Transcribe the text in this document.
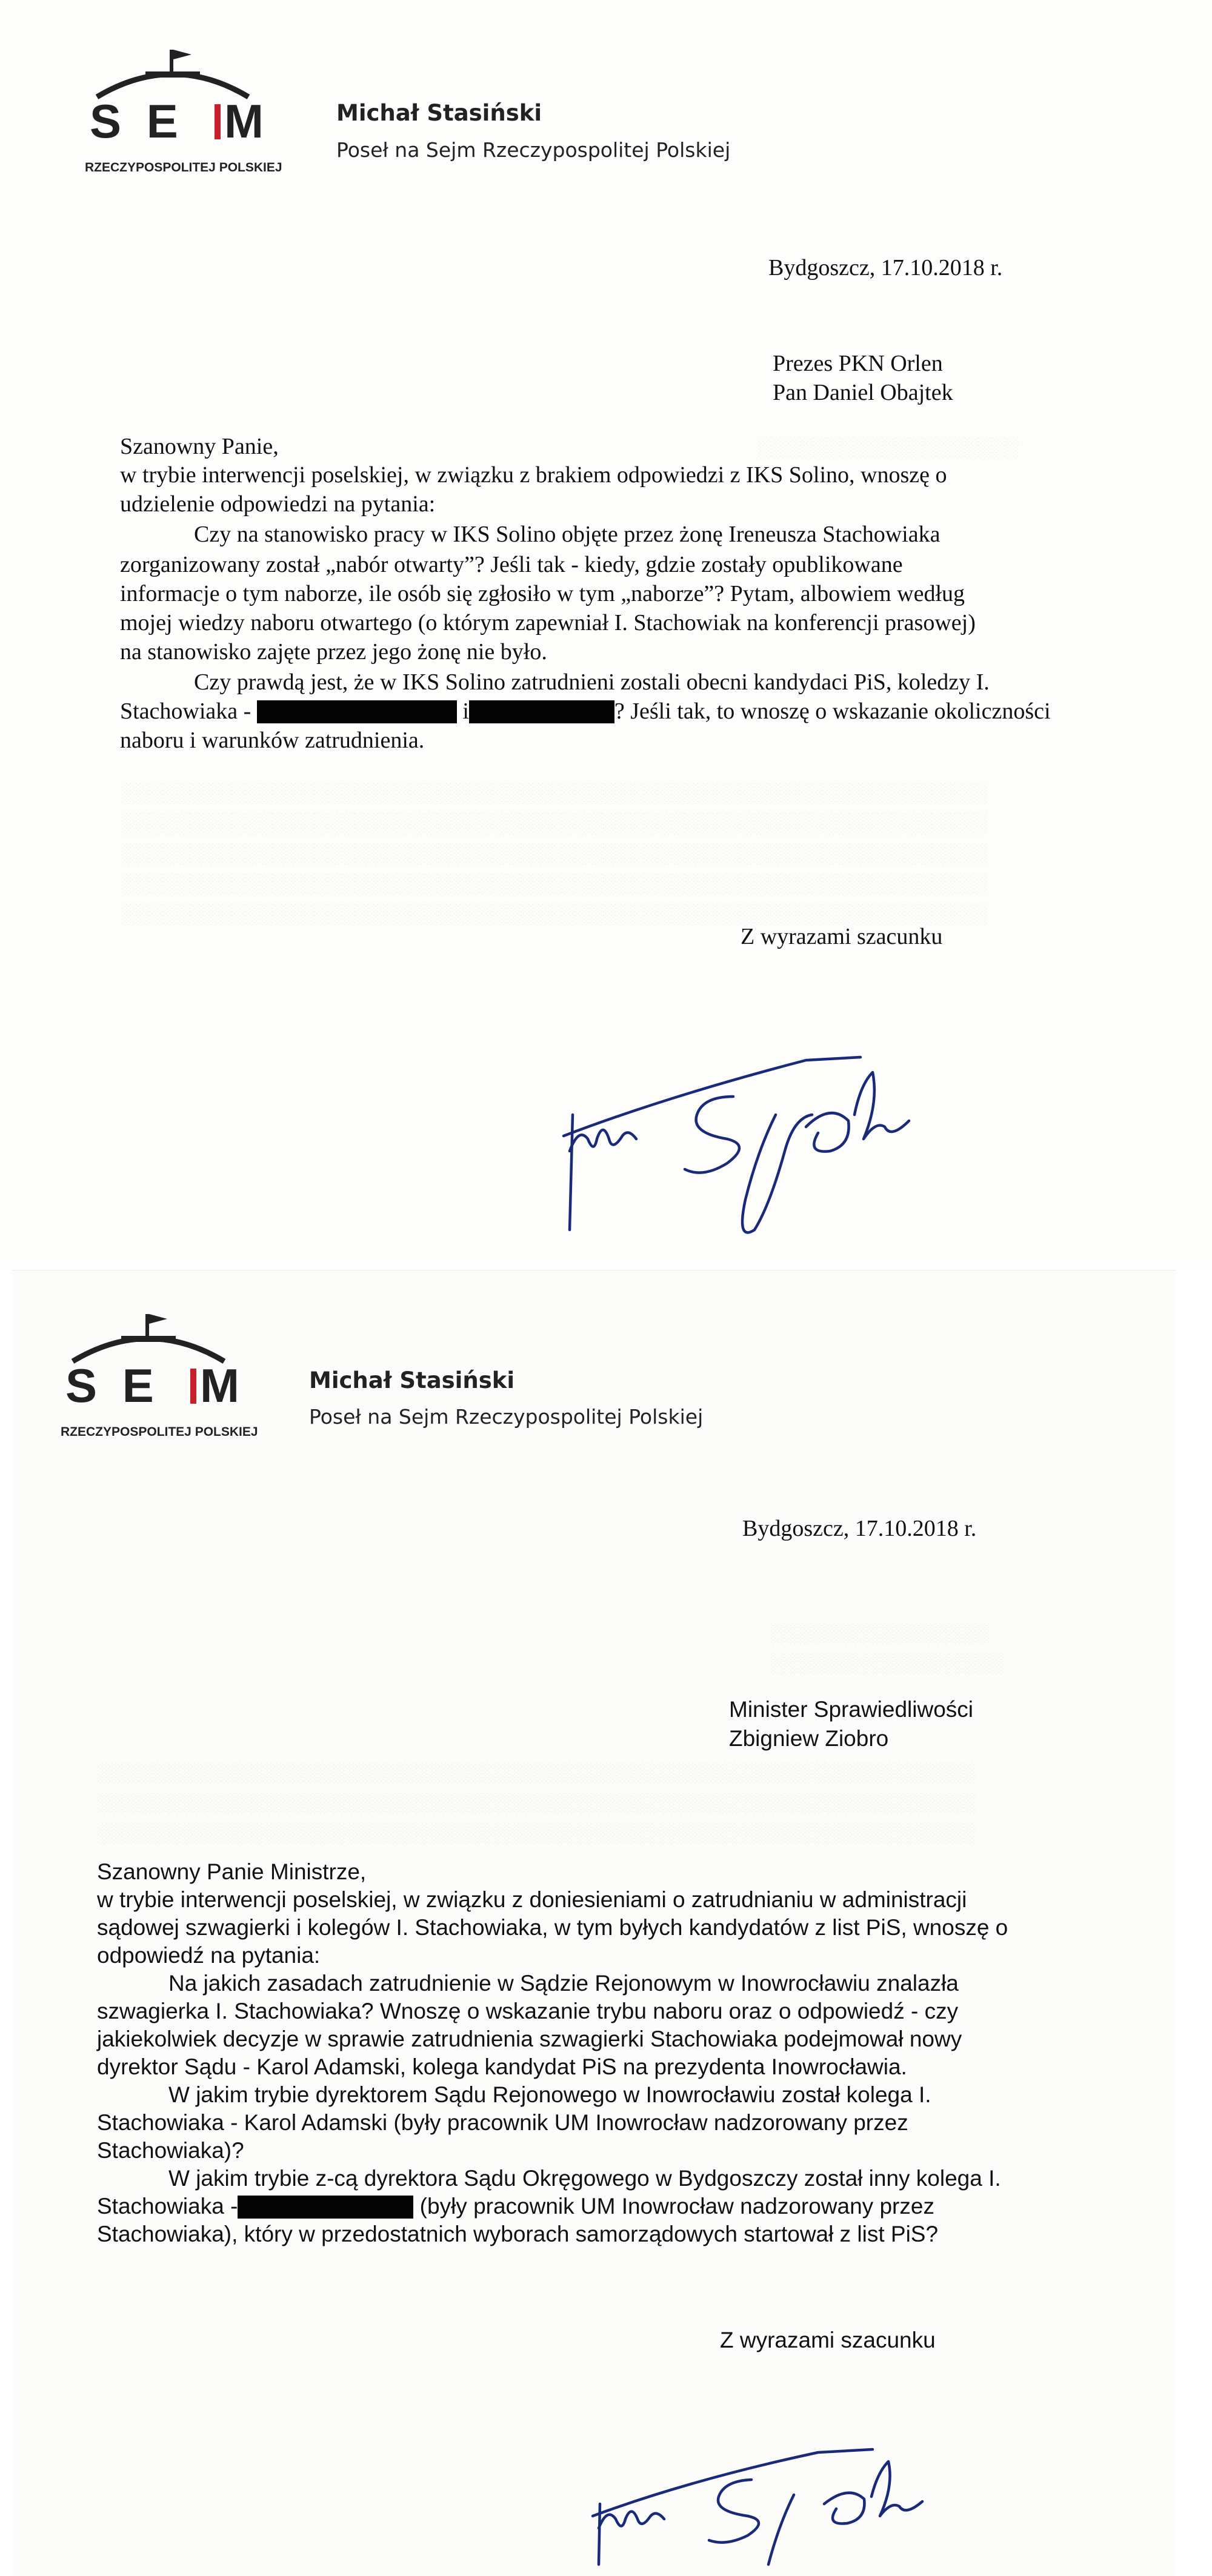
S E M
RZECZYPOSPOLITEJ POLSKIEJ
Michał Stasiński
Poseł na Sejm Rzeczypospolitej Polskiej
Bydgoszcz, 17.10.2018 r.
Prezes PKN Orlen
Pan Daniel Obajtek
Szanowny Panie,
w trybie interwencji poselskiej, w związku z brakiem odpowiedzi z IKS Solino, wnoszę o
udzielenie odpowiedzi na pytania:
Czy na stanowisko pracy w IKS Solino objęte przez żonę Ireneusza Stachowiaka
zorganizowany został „nabór otwarty”? Jeśli tak - kiedy, gdzie zostały opublikowane
informacje o tym naborze, ile osób się zgłosiło w tym „naborze”? Pytam, albowiem według
mojej wiedzy naboru otwartego (o którym zapewniał I. Stachowiak na konferencji prasowej)
na stanowisko zajęte przez jego żonę nie było.
Czy prawdą jest, że w IKS Solino zatrudnieni zostali obecni kandydaci PiS, koledzy I.
Stachowiaka -	i	? Jeśli tak, to wnoszę o wskazanie okoliczności
naboru i warunków zatrudnienia.
░░░░░░░░░░░░░░░░░░░
░░░░░░░░░░░░░░░░░░░░░░░░░░░░░░░░░░░░░░░░░░░░░░░░░░░░░░░░░░░░░░░
░░░░░░░░░░░░░░░░░░░░░░░░░░░░░░░░░░░░░░░░░░░░░░░░░░░░░░░░░░░░░░░
░░░░░░░░░░░░░░░░░░░░░░░░░░░░░░░░░░░░░░░░░░░░░░░░░░░░░░░░░░░░░░░
░░░░░░░░░░░░░░░░░░░░░░░░░░░░░░░░░░░░░░░░░░░░░░░░░░░░░░░░░░░░░░░
░░░░░░░░░░░░░░░░░░░░░░░░░░░░░░░░░░░░░░░░░░░░░░░░░░░░░░░░░░░░░░░
Z wyrazami szacunku
S E M
RZECZYPOSPOLITEJ POLSKIEJ
Michał Stasiński
Poseł na Sejm Rzeczypospolitej Polskiej
Bydgoszcz, 17.10.2018 r.
Minister Sprawiedliwości
Zbigniew Ziobro
Szanowny Panie Ministrze,
w trybie interwencji poselskiej, w związku z doniesieniami o zatrudnianiu w administracji
sądowej szwagierki i kolegów I. Stachowiaka, w tym byłych kandydatów z list PiS, wnoszę o
odpowiedź na pytania:
Na jakich zasadach zatrudnienie w Sądzie Rejonowym w Inowrocławiu znalazła
szwagierka I. Stachowiaka? Wnoszę o wskazanie trybu naboru oraz o odpowiedź - czy
jakiekolwiek decyzje w sprawie zatrudnienia szwagierki Stachowiaka podejmował nowy
dyrektor Sądu - Karol Adamski, kolega kandydat PiS na prezydenta Inowrocławia.
W jakim trybie dyrektorem Sądu Rejonowego w Inowrocławiu został kolega I.
Stachowiaka - Karol Adamski (były pracownik UM Inowrocław nadzorowany przez
Stachowiaka)?
W jakim trybie z-cą dyrektora Sądu Okręgowego w Bydgoszczy został inny kolega I.
Stachowiaka -	(były pracownik UM Inowrocław nadzorowany przez
Stachowiaka), który w przedostatnich wyborach samorządowych startował z list PiS?
░░░░░░░░░░░░░░░░
░░░░░░░░░░░░░░░░░
░░░░░░░░░░░░░░░░░░░░░░░░░░░░░░░░░░░░░░░░░░░░░░░░░░░░░░░░░░░░░░░░
░░░░░░░░░░░░░░░░░░░░░░░░░░░░░░░░░░░░░░░░░░░░░░░░░░░░░░░░░░░░░░░░
░░░░░░░░░░░░░░░░░░░░░░░░░░░░░░░░░░░░░░░░░░░░░░░░░░░░░░░░░░░░░░░░
Z wyrazami szacunku
